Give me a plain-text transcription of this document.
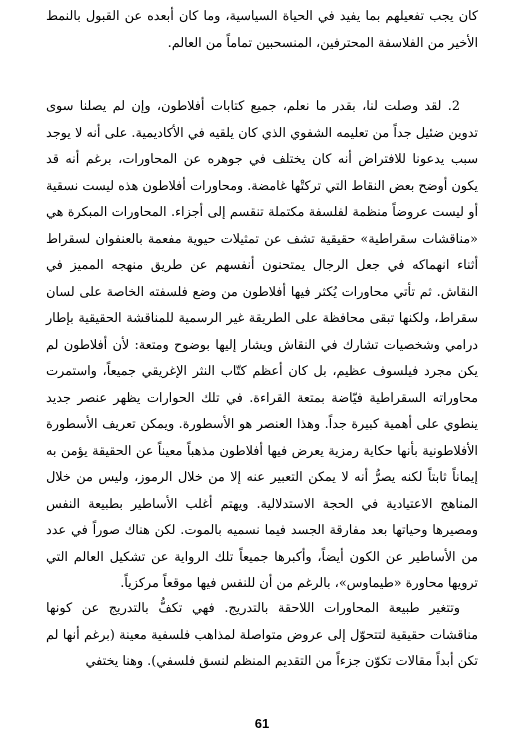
كان يجب تفعيلهم بما يفيد في الحياة السياسية، وما كان أبعده عن القبول بالنمط الأخير من الفلاسفة المحترفين، المنسحبين تماماً من العالم.

2. لقد وصلت لنا، بقدر ما نعلم، جميع كتابات أفلاطون، وإن لم يصلنا سوى تدوين ضئيل جداً من تعليمه الشفوي الذي كان يلقيه في الأكاديمية. على أنه لا يوجد سبب يدعونا للافتراض أنه كان يختلف في جوهره عن المحاورات، برغم أنه قد يكون أوضح بعض النقاط التي تركتْها غامضة. ومحاورات أفلاطون هذه ليست نسقية أو ليست عروضاً منظمة لفلسفة مكتملة تنقسم إلى أجزاء. المحاورات المبكرة هي «مناقشات سقراطية» حقيقية تشف عن تمثيلات حيوية مفعمة بالعنفوان لسقراط أثناء انهماكه في جعل الرجال يمتحنون أنفسهم عن طريق منهجه المميز في النقاش. ثم تأتي محاورات يُكثر فيها أفلاطون من وضع فلسفته الخاصة على لسان سقراط، ولكنها تبقى محافظة على الطريقة غير الرسمية للمناقشة الحقيقية بإطار درامي وشخصيات تشارك في النقاش ويشار إليها بوضوح ومتعة: لأن أفلاطون لم يكن مجرد فيلسوف عظيم، بل كان أعظم كتّاب النثر الإغريقي جميعاً، واستمرت محاوراته السقراطية فيّاضة بمتعة القراءة. في تلك الحوارات يظهر عنصر جديد ينطوي على أهمية كبيرة جداً. وهذا العنصر هو الأسطورة. ويمكن تعريف الأسطورة الأفلاطونية بأنها حكاية رمزية يعرض فيها أفلاطون مذهباً معيناً عن الحقيقة يؤمن به إيماناً ثابتاً لكنه يصرُّ أنه لا يمكن التعبير عنه إلا من خلال الرموز، وليس من خلال المناهج الاعتيادية في الحجة الاستدلالية. ويهتم أغلب الأساطير بطبيعة النفس ومصيرها وحياتها بعد مفارقة الجسد فيما نسميه بالموت. لكن هناك صوراً في عدد من الأساطير عن الكون أيضاً، وأكبرها جميعاً تلك الرواية عن تشكيل العالم التي ترويها محاورة «طيماوس»، بالرغم من أن للنفس فيها موقعاً مركزياً.

وتتغير طبيعة المحاورات اللاحقة بالتدريج. فهي تكفُّ بالتدريج عن كونها مناقشات حقيقية لتتحوّل إلى عروض متواصلة لمذاهب فلسفية معينة (برغم أنها لم تكن أبداً مقالات تكوّن جزءاً من التقديم المنظم لنسق فلسفي). وهنا يختفي

61
